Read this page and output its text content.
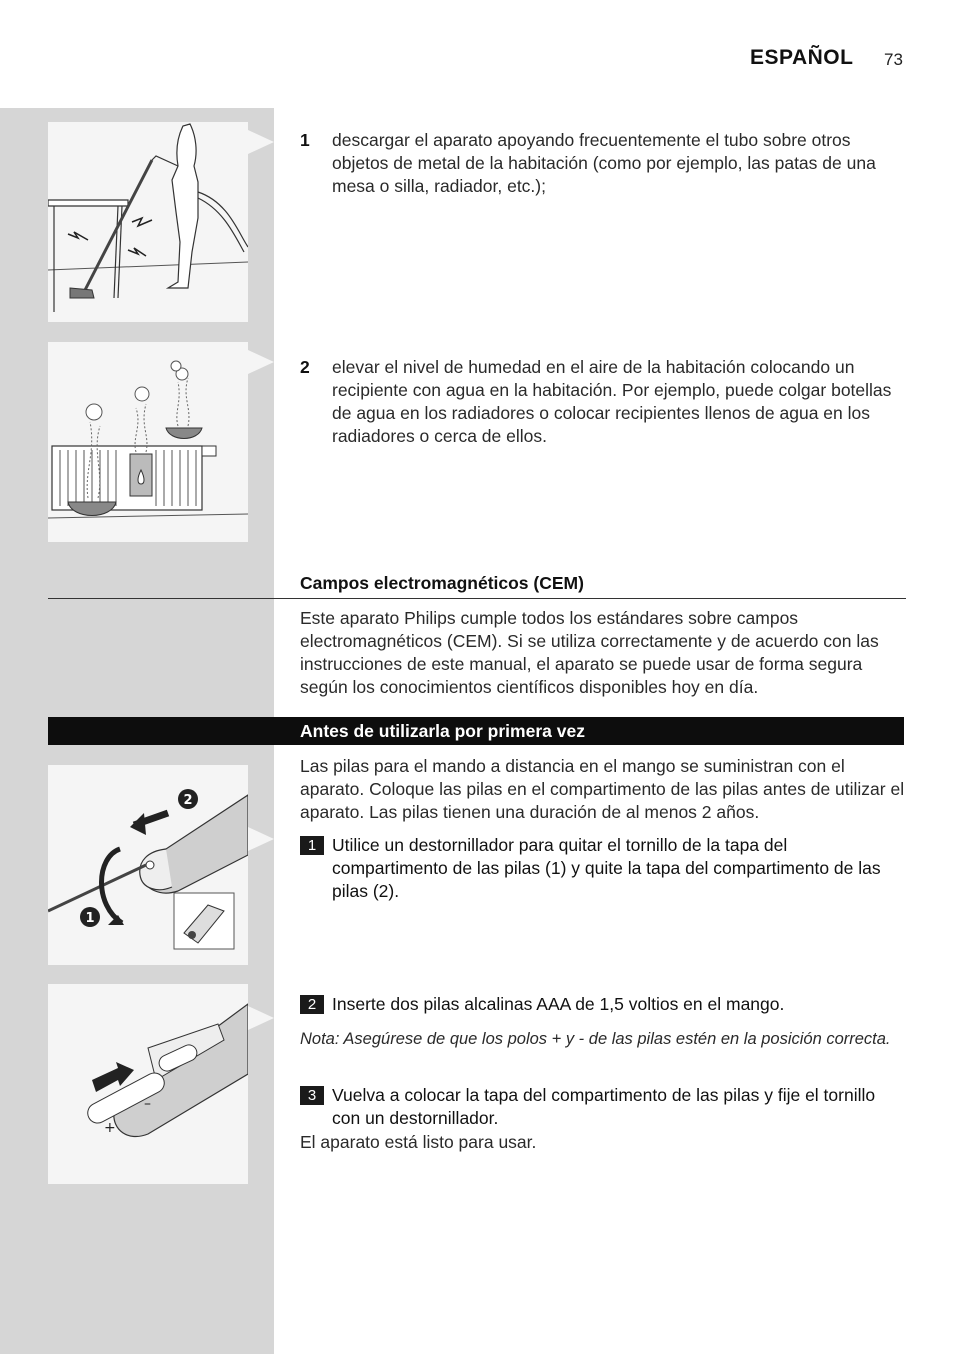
ESPAÑOL 73
2
1
+
–
1 descargar el aparato apoyando frecuentemente el tubo sobre otros objetos de metal de la habitación (como por ejemplo, las patas de una mesa o silla, radiador, etc.);
2 elevar el nivel de humedad en el aire de la habitación colocando un recipiente con agua en la habitación. Por ejemplo, puede colgar botellas de agua en los radiadores o colocar recipientes llenos de agua en los radiadores o cerca de ellos.
Campos electromagnéticos (CEM)
Este aparato Philips cumple todos los estándares sobre campos electromagnéticos (CEM). Si se utiliza correctamente y de acuerdo con las instrucciones de este manual, el aparato se puede usar de forma segura según los conocimientos científicos disponibles hoy en día.
Antes de utilizarla por primera vez
Las pilas para el mando a distancia en el mango se suministran con el aparato. Coloque las pilas en el compartimento de las pilas antes de utilizar el aparato. Las pilas tienen una duración de al menos 2 años.
1 Utilice un destornillador para quitar el tornillo de la tapa del compartimento de las pilas (1) y quite la tapa del compartimento de las pilas (2).
2 Inserte dos pilas alcalinas AAA de 1,5 voltios en el mango.
Nota: Asegúrese de que los polos + y - de las pilas estén en la posición correcta.
3 Vuelva a colocar la tapa del compartimento de las pilas y fije el tornillo con un destornillador.
El aparato está listo para usar.
